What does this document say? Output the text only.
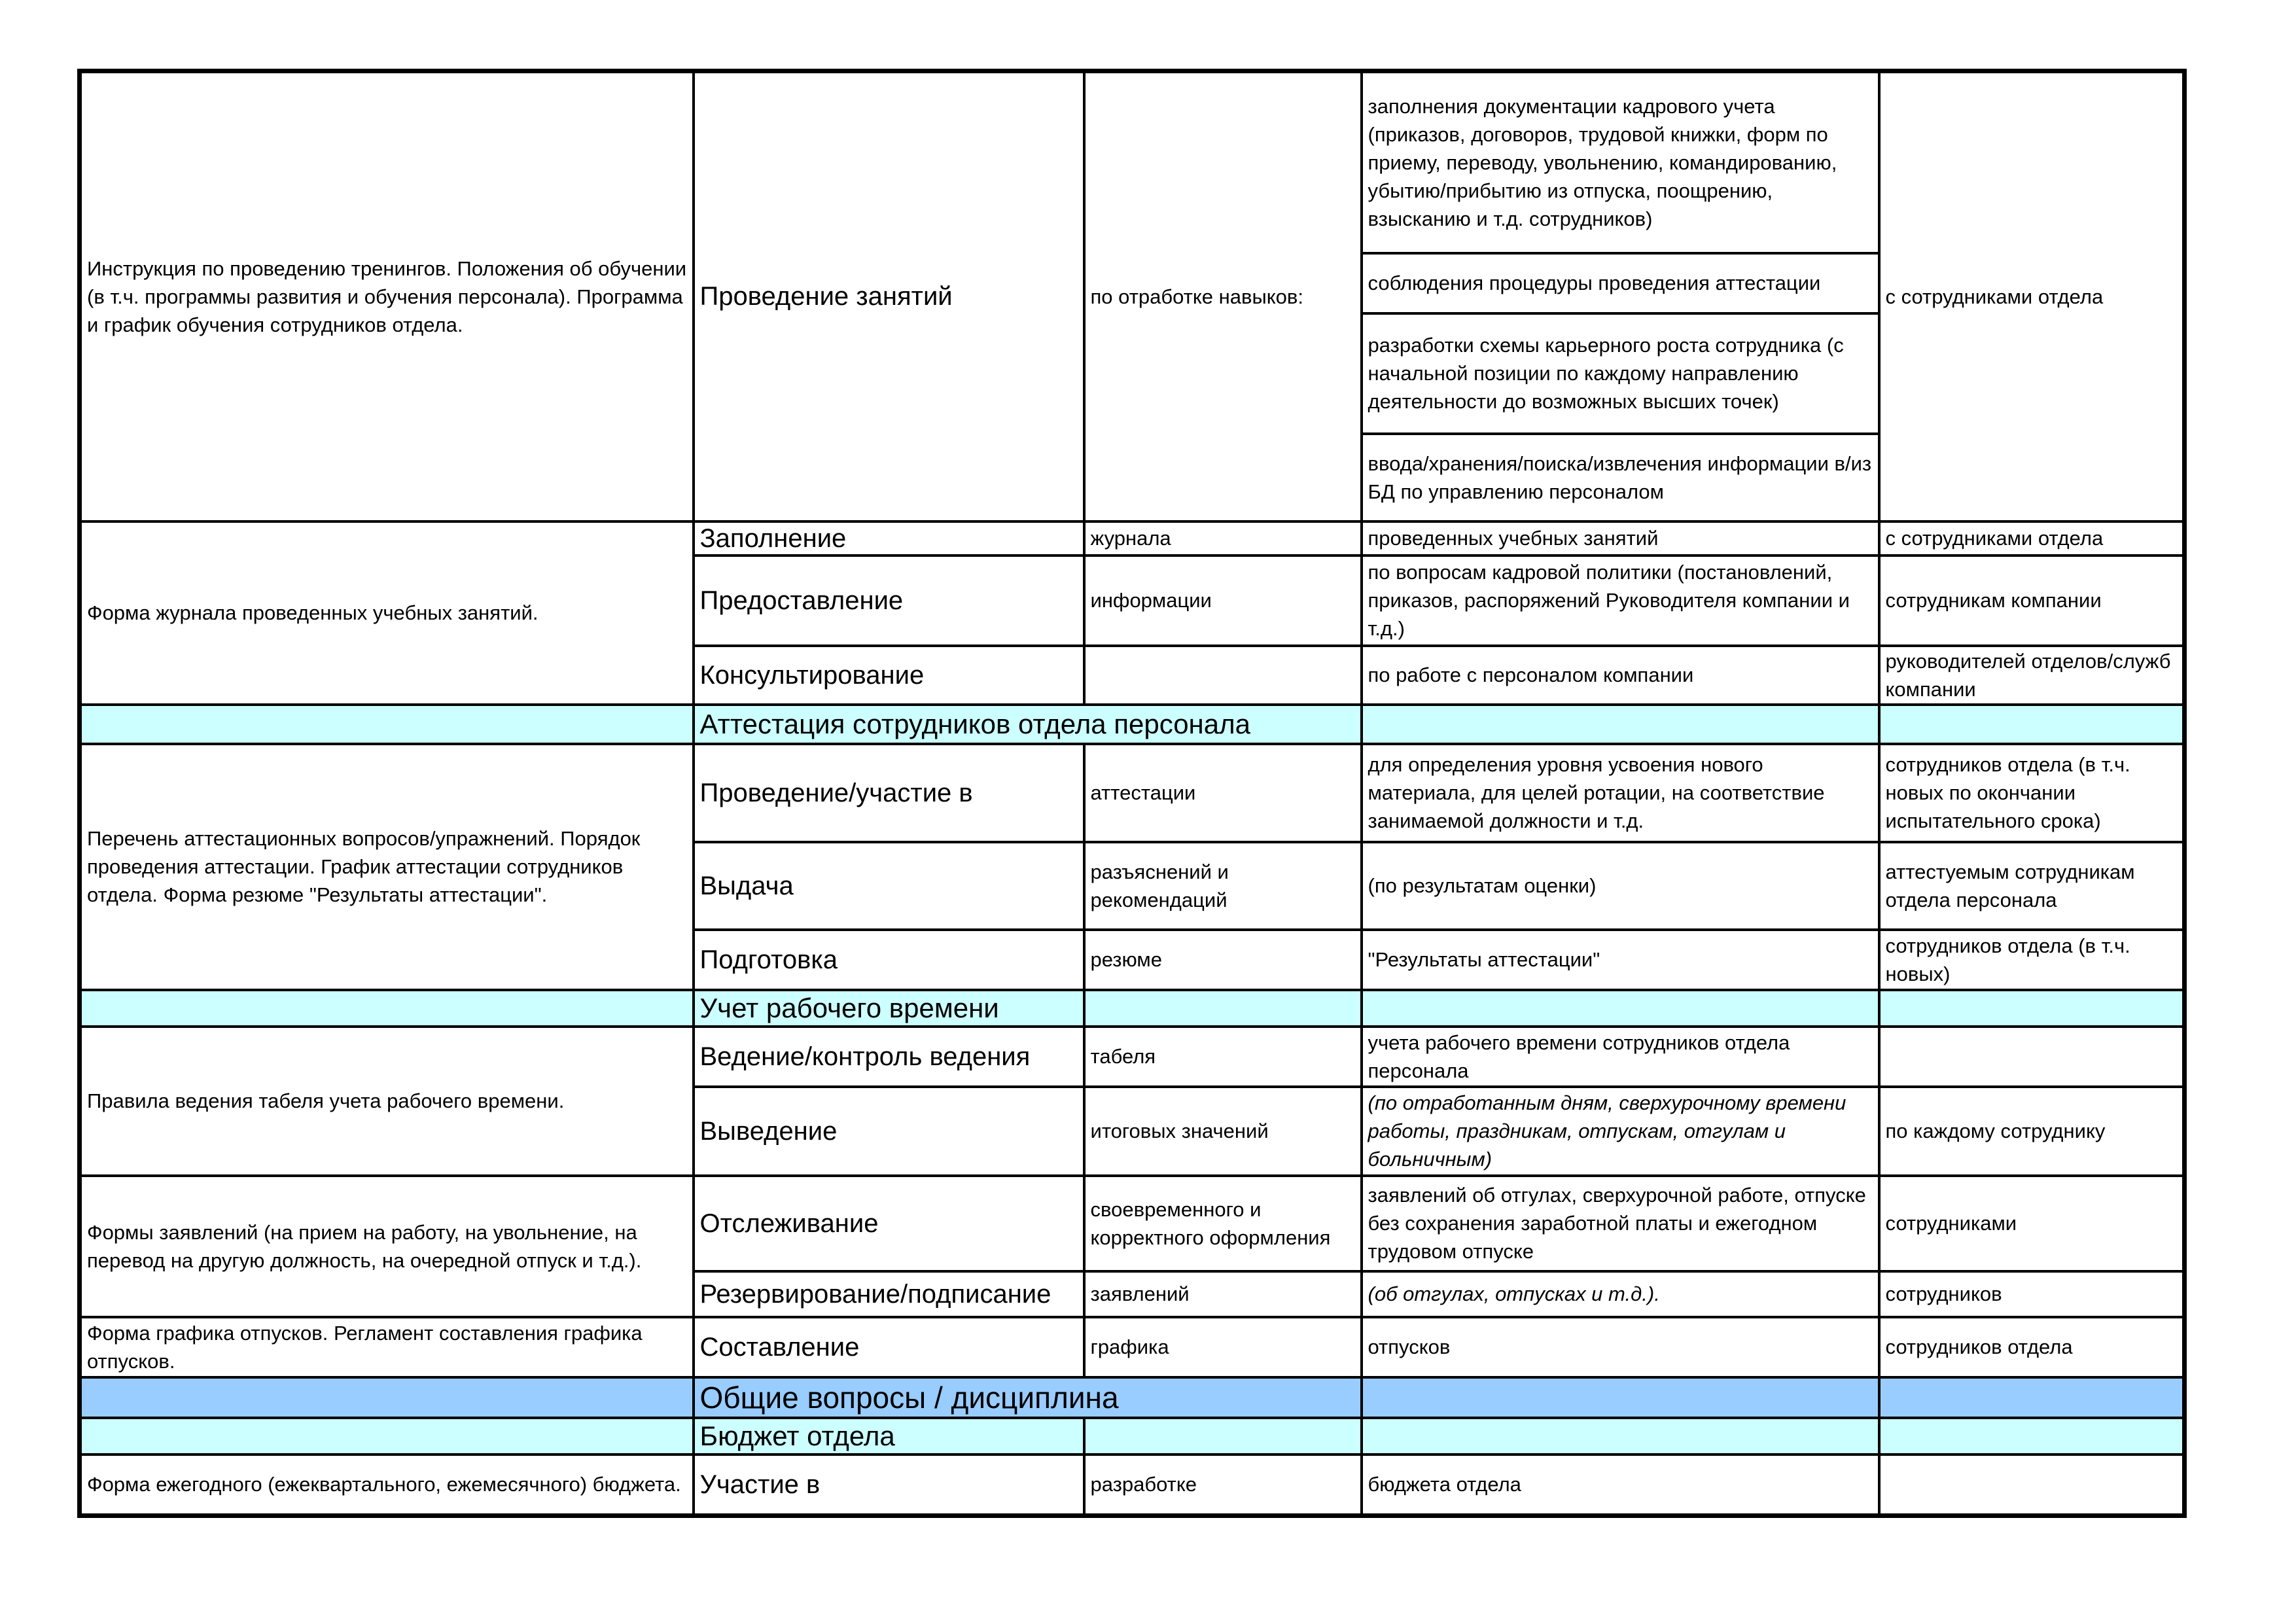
Инструкция по проведению тренингов. Положения об обучении (в т.ч. программы развития и обучения персонала). Программа и график обучения сотрудников отдела.	Проведение занятий	по отработке навыков:	заполнения документации кадрового учета (приказов, договоров, трудовой книжки, форм по приему, переводу, увольнению, командированию, убытию/прибытию из отпуска, поощрению, взысканию и т.д. сотрудников)	с сотрудниками отдела
			соблюдения процедуры проведения аттестации	
			разработки схемы карьерного роста сотрудника (с начальной позиции по каждому направлению деятельности до возможных высших точек)	
			ввода/хранения/поиска/извлечения информации в/из БД по управлению персоналом	
Форма журнала проведенных учебных занятий.	Заполнение	журнала	проведенных учебных занятий	с сотрудниками отдела
	Предоставление	информации	по вопросам кадровой политики (постановлений, приказов, распоряжений Руководителя компании и т.д.)	сотрудникам компании
	Консультирование		по работе с персоналом компании	руководителей отделов/служб компании
	Аттестация сотрудников отдела персонала			
Перечень аттестационных вопросов/упражнений. Порядок проведения аттестации. График аттестации сотрудников отдела. Форма резюме "Результаты аттестации".	Проведение/участие в	аттестации	для определения уровня усвоения нового материала, для целей ротации, на соответствие занимаемой должности и т.д.	сотрудников отдела (в т.ч. новых по окончании испытательного срока)
	Выдача	разъяснений и рекомендаций	(по результатам оценки)	аттестуемым сотрудникам отдела персонала
	Подготовка	резюме	"Результаты аттестации"	сотрудников отдела (в т.ч. новых)
	Учет рабочего времени			
Правила ведения табеля учета рабочего времени.	Ведение/контроль ведения	табеля	учета рабочего времени сотрудников отдела персонала	
	Выведение	итоговых значений	(по отработанным дням, сверхурочному времени работы, праздникам, отпускам, отгулам и больничным)	по каждому сотруднику
Формы заявлений (на прием на работу, на увольнение, на перевод на другую должность, на очередной отпуск и т.д.).	Отслеживание	своевременного и корректного оформления	заявлений об отгулах, сверхурочной работе, отпуске без сохранения заработной платы и ежегодном трудовом отпуске	сотрудниками
	Резервирование/подписание	заявлений	(об отгулах, отпусках и т.д.).	сотрудников
Форма графика отпусков. Регламент составления графика отпусков.	Составление	графика	отпусков	сотрудников отдела
	Общие вопросы / дисциплина			
	Бюджет отдела			
Форма ежегодного (ежеквартального, ежемесячного) бюджета.	Участие в	разработке	бюджета отдела	
